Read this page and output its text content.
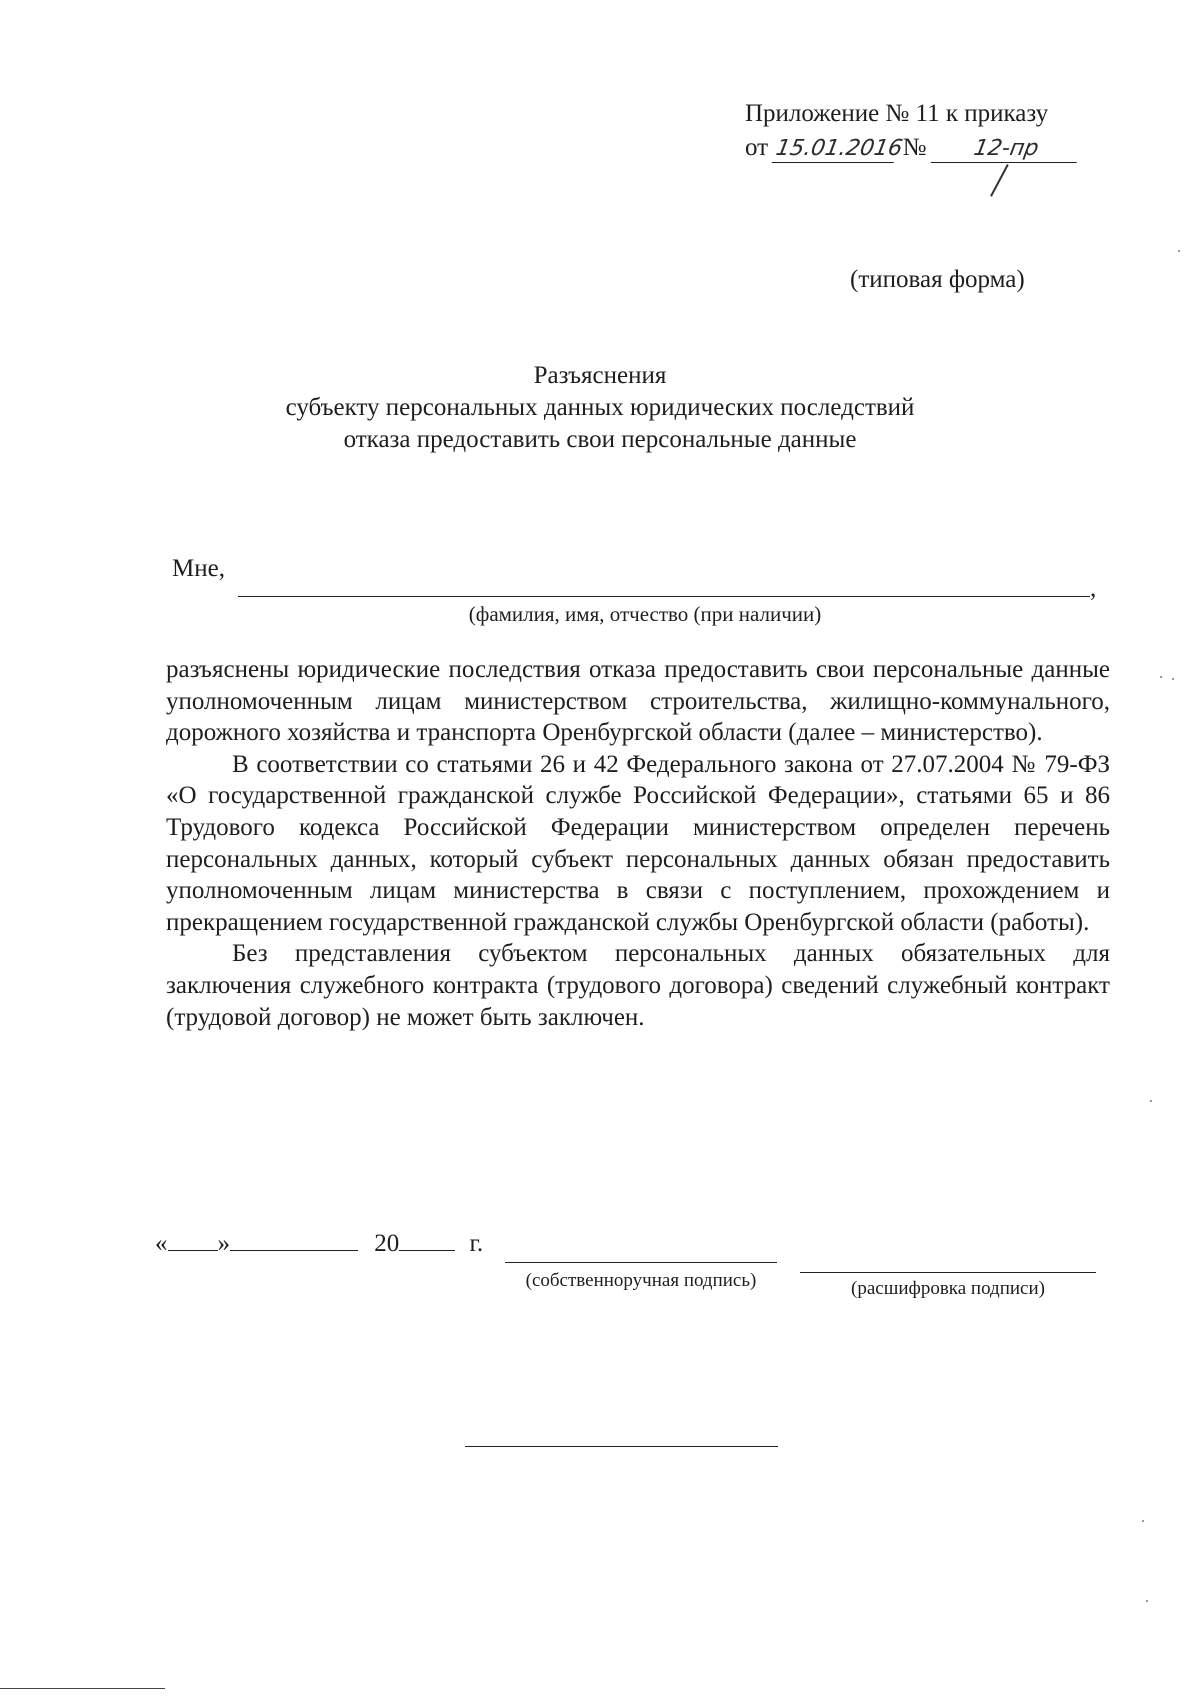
Приложение № 11 к приказу
от 15.01.2016 № 12-пр
(типовая форма)
Разъяснения
субъекту персональных данных юридических последствий
отказа предоставить свои персональные данные
Мне,
,
(фамилия, имя, отчество (при наличии)

разъяснены юридические последствия отказа предоставить свои персональные данные уполномоченным лицам министерством строительства, жилищно-коммунального, дорожного хозяйства и транспорта Оренбургской области (далее – министерство).

В соответствии со статьями 26 и 42 Федерального закона от 27.07.2004 № 79-ФЗ «О государственной гражданской службе Российской Федерации», статьями 65 и 86 Трудового кодекса Российской Федерации министерством определен перечень персональных данных, который субъект персональных данных обязан предоставить уполномоченным лицам министерства в связи с поступлением, прохождением и прекращением государственной гражданской службы Оренбургской области (работы).

Без представления субъектом персональных данных обязательных для заключения служебного контракта (трудового договора) сведений служебный контракт (трудовой договор) не может быть заключен.

« »	20	г.
(собственноручная подпись)	(расшифровка подписи)
